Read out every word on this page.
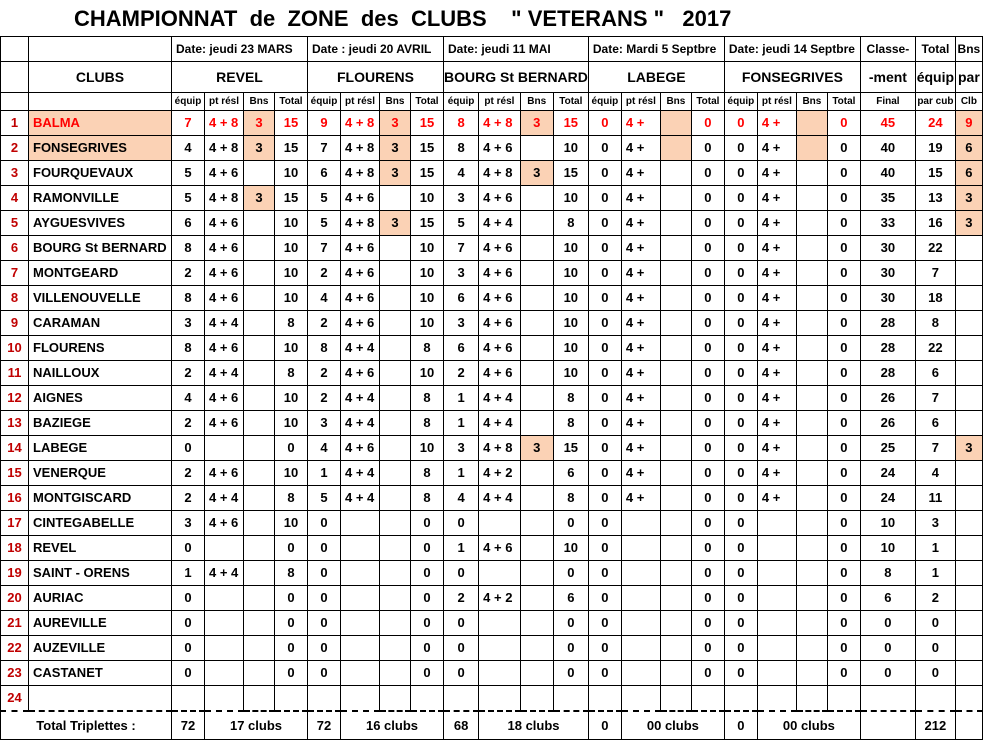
CHAMPIONNAT  de  ZONE  des  CLUBS    " VETERANS "   2017
		Date: jeudi 23 MARS				Date : jeudi 20 AVRIL				Date: jeudi 11 MAI				Date: Mardi 5 Septbre				Date: jeudi 14 Septbre				Classe-	Total	Bns
	CLUBS	REVEL				FLOURENS				BOURG St BERNARD				LABEGE				FONSEGRIVES				-ment	équip	par
		équip	pt résl	Bns	Total	équip	pt résl	Bns	Total	équip	pt résl	Bns	Total	équip	pt résl	Bns	Total	équip	pt résl	Bns	Total	Final	par cub	Clb
1	BALMA	7	4 + 8	3	15	9	4 + 8	3	15	8	4 + 8	3	15	0	4 +		0	0	4 +		0	45	24	9
2	FONSEGRIVES	4	4 + 8	3	15	7	4 + 8	3	15	8	4 + 6		10	0	4 +		0	0	4 +		0	40	19	6
3	FOURQUEVAUX	5	4 + 6		10	6	4 + 8	3	15	4	4 + 8	3	15	0	4 +		0	0	4 +		0	40	15	6
4	RAMONVILLE	5	4 + 8	3	15	5	4 + 6		10	3	4 + 6		10	0	4 +		0	0	4 +		0	35	13	3
5	AYGUESVIVES	6	4 + 6		10	5	4 + 8	3	15	5	4 + 4		8	0	4 +		0	0	4 +		0	33	16	3
6	BOURG St BERNARD	8	4 + 6		10	7	4 + 6		10	7	4 + 6		10	0	4 +		0	0	4 +		0	30	22	
7	MONTGEARD	2	4 + 6		10	2	4 + 6		10	3	4 + 6		10	0	4 +		0	0	4 +		0	30	7	
8	VILLENOUVELLE	8	4 + 6		10	4	4 + 6		10	6	4 + 6		10	0	4 +		0	0	4 +		0	30	18	
9	CARAMAN	3	4 + 4		8	2	4 + 6		10	3	4 + 6		10	0	4 +		0	0	4 +		0	28	8	
10	FLOURENS	8	4 + 6		10	8	4 + 4		8	6	4 + 6		10	0	4 +		0	0	4 +		0	28	22	
11	NAILLOUX	2	4 + 4		8	2	4 + 6		10	2	4 + 6		10	0	4 +		0	0	4 +		0	28	6	
12	AIGNES	4	4 + 6		10	2	4 + 4		8	1	4 + 4		8	0	4 +		0	0	4 +		0	26	7	
13	BAZIEGE	2	4 + 6		10	3	4 + 4		8	1	4 + 4		8	0	4 +		0	0	4 +		0	26	6	
14	LABEGE	0			0	4	4 + 6		10	3	4 + 8	3	15	0	4 +		0	0	4 +		0	25	7	3
15	VENERQUE	2	4 + 6		10	1	4 + 4		8	1	4 + 2		6	0	4 +		0	0	4 +		0	24	4	
16	MONTGISCARD	2	4 + 4		8	5	4 + 4		8	4	4 + 4		8	0	4 +		0	0	4 +		0	24	11	
17	CINTEGABELLE	3	4 + 6		10	0			0	0			0	0			0	0			0	10	3	
18	REVEL	0			0	0			0	1	4 + 6		10	0			0	0			0	10	1	
19	SAINT - ORENS	1	4 + 4		8	0			0	0			0	0			0	0			0	8	1	
20	AURIAC	0			0	0			0	2	4 + 2		6	0			0	0			0	6	2	
21	AUREVILLE	0			0	0			0	0			0	0			0	0			0	0	0	
22	AUZEVILLE	0			0	0			0	0			0	0			0	0			0	0	0	
23	CASTANET	0			0	0			0	0			0	0			0	0			0	0	0	
24																								
Total Triplettes :		72	17 clubs			72	16 clubs			68	18 clubs			0	00 clubs			0	00 clubs				212	
